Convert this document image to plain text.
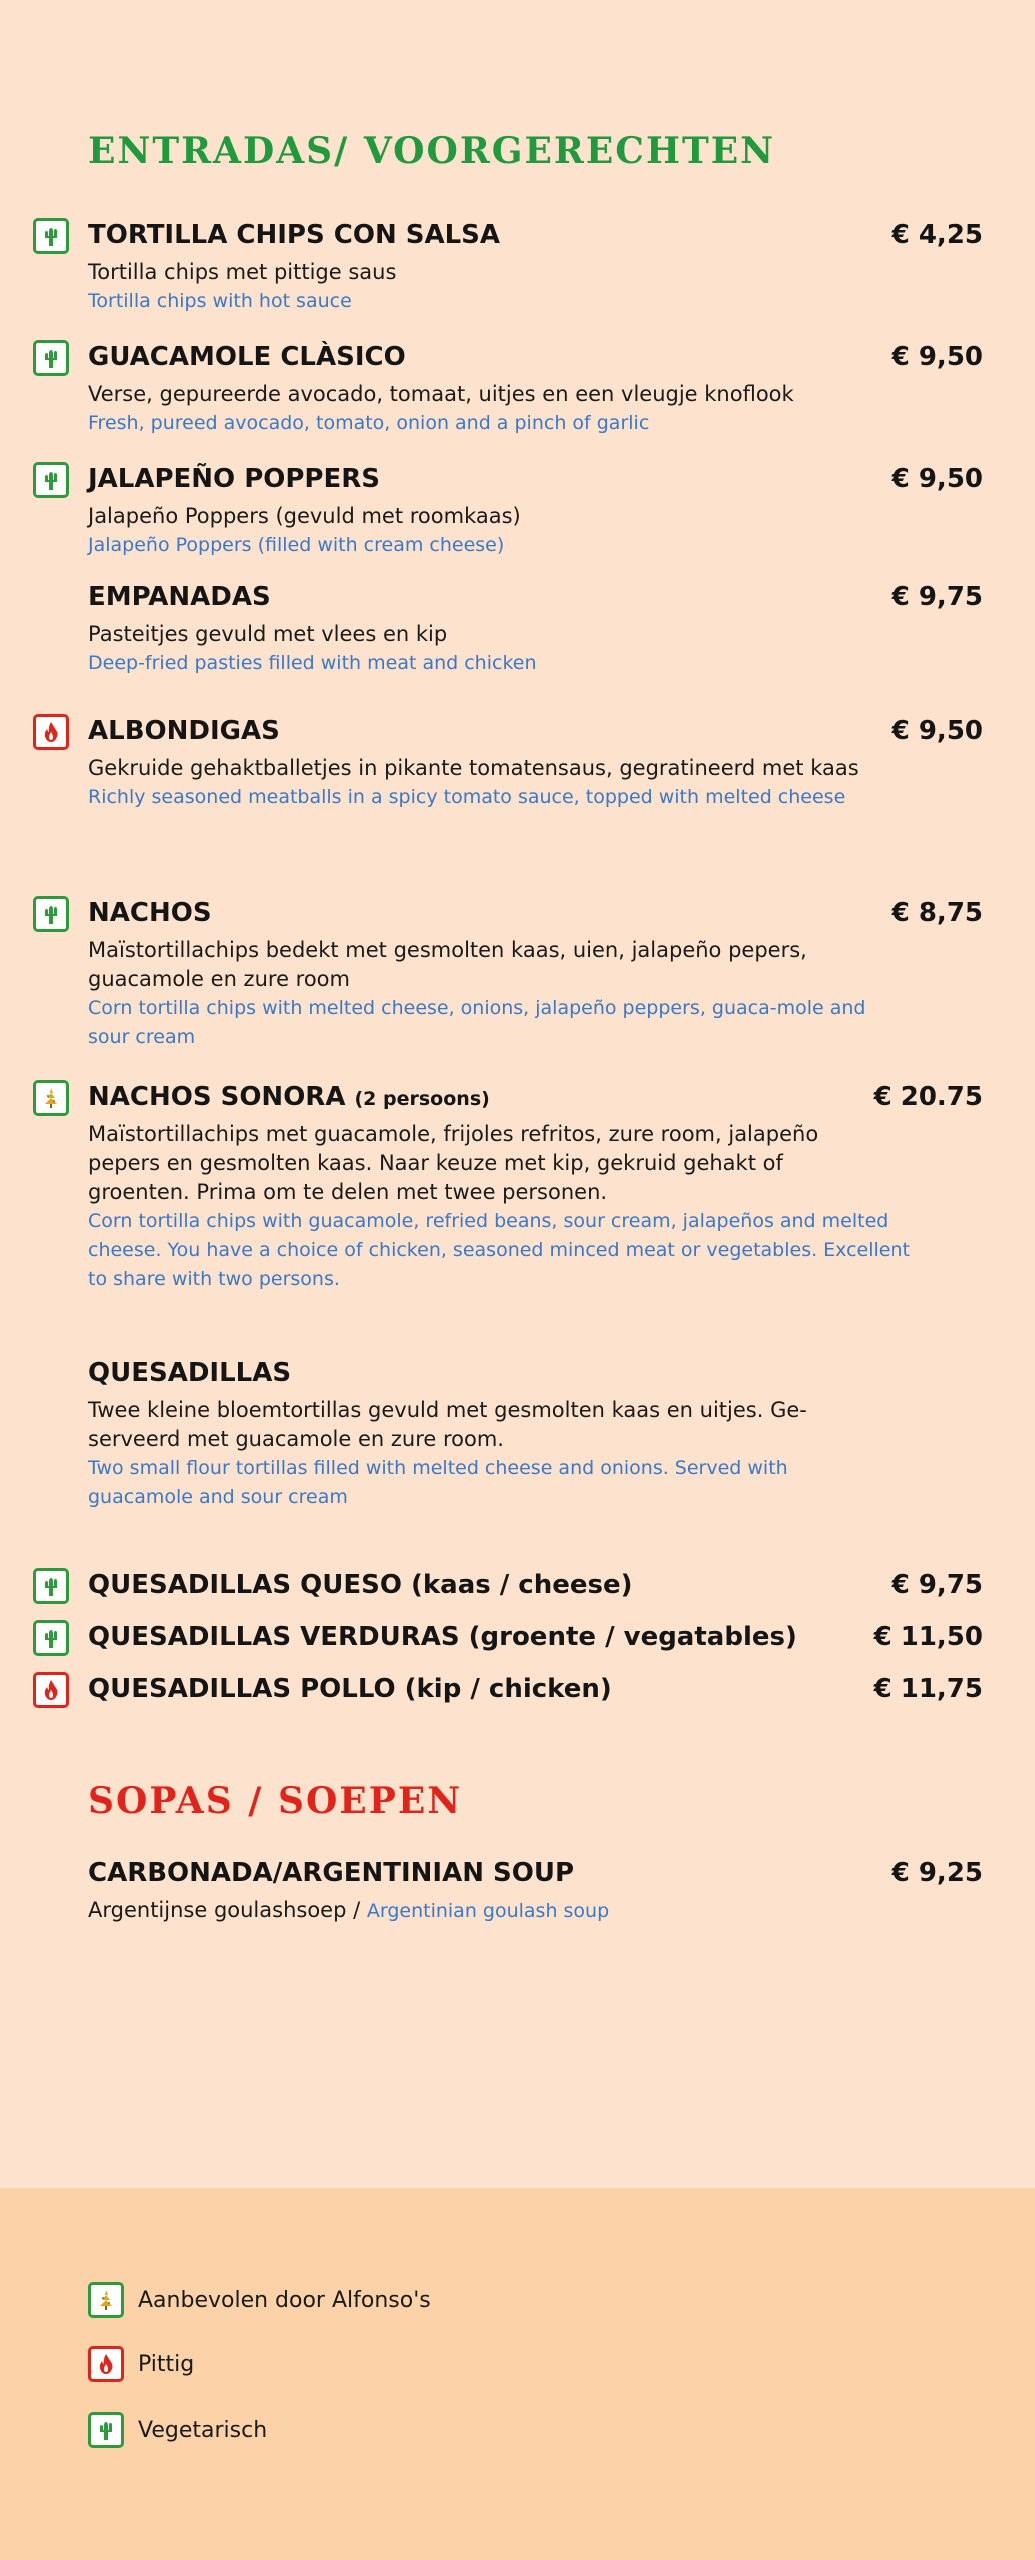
ENTRADAS/ VOORGERECHTEN
TORTILLA CHIPS CON SALSA	€ 4,25
Tortilla chips met pittige saus
Tortilla chips with hot sauce
GUACAMOLE CLÀSICO	€ 9,50
Verse, gepureerde avocado, tomaat, uitjes en een vleugje knoflook
Fresh, pureed avocado, tomato, onion and a pinch of garlic
JALAPEÑO POPPERS	€ 9,50
Jalapeño Poppers (gevuld met roomkaas)
Jalapeño Poppers (filled with cream cheese)
EMPANADAS	€ 9,75
Pasteitjes gevuld met vlees en kip
Deep-fried pasties filled with meat and chicken
ALBONDIGAS	€ 9,50
Gekruide gehaktballetjes in pikante tomatensaus, gegratineerd met kaas
Richly seasoned meatballs in a spicy tomato sauce, topped with melted cheese
NACHOS	€ 8,75
Maïstortillachips bedekt met gesmolten kaas, uien, jalapeño pepers, guacamole en zure room
Corn tortilla chips with melted cheese, onions, jalapeño peppers, guaca-mole and sour cream
NACHOS SONORA (2 persoons)	€ 20.75
Maïstortillachips met guacamole, frijoles refritos, zure room, jalapeño pepers en gesmolten kaas. Naar keuze met kip, gekruid gehakt of groenten. Prima om te delen met twee personen.
Corn tortilla chips with guacamole, refried beans, sour cream, jalapeños and melted cheese. You have a choice of chicken, seasoned minced meat or vegetables. Excellent to share with two persons.
QUESADILLAS
Twee kleine bloemtortillas gevuld met gesmolten kaas en uitjes. Ge-serveerd met guacamole en zure room.
Two small flour tortillas filled with melted cheese and onions. Served with guacamole and sour cream
QUESADILLAS QUESO (kaas / cheese)	€ 9,75
QUESADILLAS VERDURAS (groente / vegatables)	€ 11,50
QUESADILLAS POLLO (kip / chicken)	€ 11,75
SOPAS / SOEPEN
CARBONADA/ARGENTINIAN SOUP	€ 9,25
Argentijnse goulashsoep / Argentinian goulash soup
Aanbevolen door Alfonso's
Pittig
Vegetarisch
